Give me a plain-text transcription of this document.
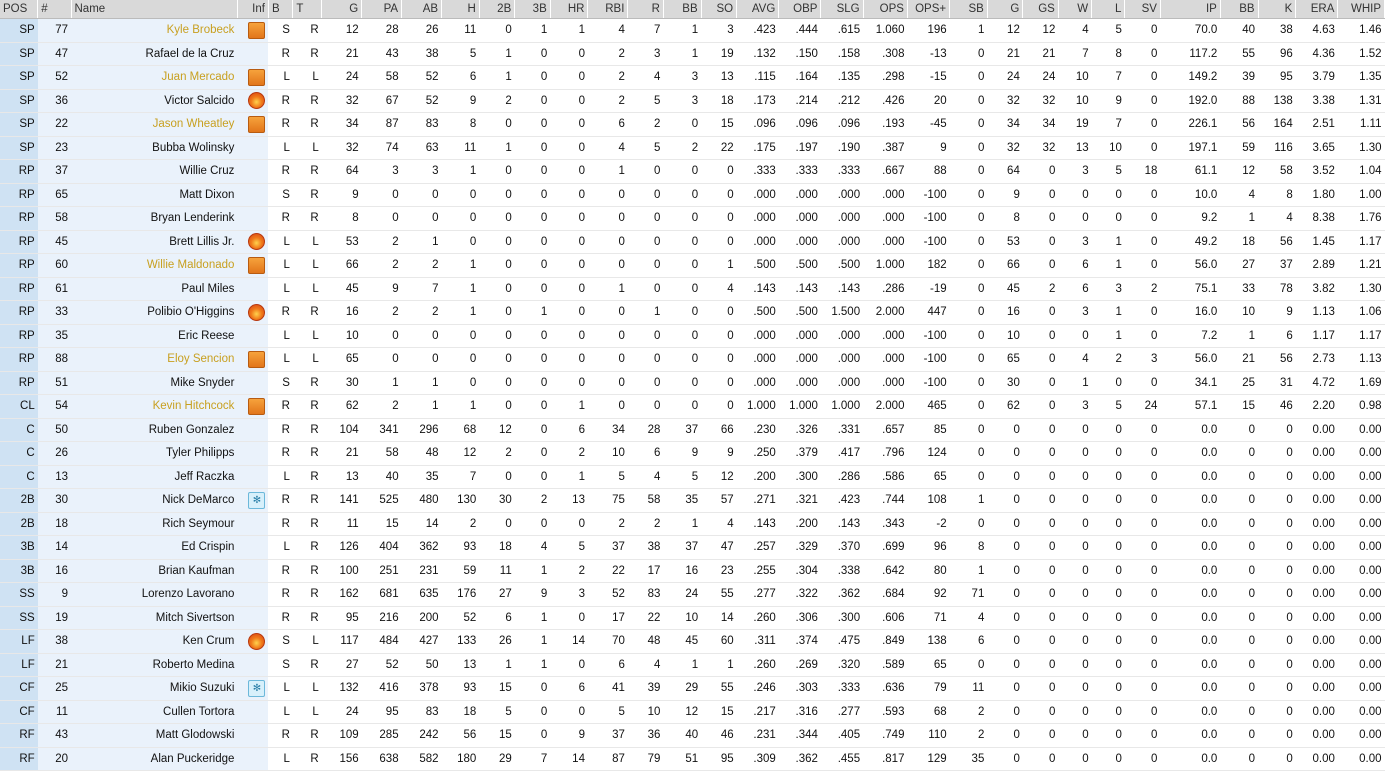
POS	#	Name	Inf	B	T	G	PA	AB	H	2B	3B	HR	RBI	R	BB	SO	AVG	OBP	SLG	OPS	OPS+	SB	G	GS	W	L	SV	IP	BB	K	ERA	WHIP
SP	77	Kyle Brobeck		S	R	12	28	26	11	0	1	1	4	7	1	3	.423	.444	.615	1.060	196	1	12	12	4	5	0	70.0	40	38	4.63	1.46
SP	47	Rafael de la Cruz		R	R	21	43	38	5	1	0	0	2	3	1	19	.132	.150	.158	.308	-13	0	21	21	7	8	0	117.2	55	96	4.36	1.52
SP	52	Juan Mercado		L	L	24	58	52	6	1	0	0	2	4	3	13	.115	.164	.135	.298	-15	0	24	24	10	7	0	149.2	39	95	3.79	1.35
SP	36	Victor Salcido		R	R	32	67	52	9	2	0	0	2	5	3	18	.173	.214	.212	.426	20	0	32	32	10	9	0	192.0	88	138	3.38	1.31
SP	22	Jason Wheatley		R	R	34	87	83	8	0	0	0	6	2	0	15	.096	.096	.096	.193	-45	0	34	34	19	7	0	226.1	56	164	2.51	1.11
SP	23	Bubba Wolinsky		L	L	32	74	63	11	1	0	0	4	5	2	22	.175	.197	.190	.387	9	0	32	32	13	10	0	197.1	59	116	3.65	1.30
RP	37	Willie Cruz		R	R	64	3	3	1	0	0	0	1	0	0	0	.333	.333	.333	.667	88	0	64	0	3	5	18	61.1	12	58	3.52	1.04
RP	65	Matt Dixon		S	R	9	0	0	0	0	0	0	0	0	0	0	.000	.000	.000	.000	-100	0	9	0	0	0	0	10.0	4	8	1.80	1.00
RP	58	Bryan Lenderink		R	R	8	0	0	0	0	0	0	0	0	0	0	.000	.000	.000	.000	-100	0	8	0	0	0	0	9.2	1	4	8.38	1.76
RP	45	Brett Lillis Jr.		L	L	53	2	1	0	0	0	0	0	0	0	0	.000	.000	.000	.000	-100	0	53	0	3	1	0	49.2	18	56	1.45	1.17
RP	60	Willie Maldonado		L	L	66	2	2	1	0	0	0	0	0	0	1	.500	.500	.500	1.000	182	0	66	0	6	1	0	56.0	27	37	2.89	1.21
RP	61	Paul Miles		L	L	45	9	7	1	0	0	0	1	0	0	4	.143	.143	.143	.286	-19	0	45	2	6	3	2	75.1	33	78	3.82	1.30
RP	33	Polibio O'Higgins		R	R	16	2	2	1	0	1	0	0	1	0	0	.500	.500	1.500	2.000	447	0	16	0	3	1	0	16.0	10	9	1.13	1.06
RP	35	Eric Reese		L	L	10	0	0	0	0	0	0	0	0	0	0	.000	.000	.000	.000	-100	0	10	0	0	1	0	7.2	1	6	1.17	1.17
RP	88	Eloy Sencion		L	L	65	0	0	0	0	0	0	0	0	0	0	.000	.000	.000	.000	-100	0	65	0	4	2	3	56.0	21	56	2.73	1.13
RP	51	Mike Snyder		S	R	30	1	1	0	0	0	0	0	0	0	0	.000	.000	.000	.000	-100	0	30	0	1	0	0	34.1	25	31	4.72	1.69
CL	54	Kevin Hitchcock		R	R	62	2	1	1	0	0	1	0	0	0	0	1.000	1.000	1.000	2.000	465	0	62	0	3	5	24	57.1	15	46	2.20	0.98
C	50	Ruben Gonzalez		R	R	104	341	296	68	12	0	6	34	28	37	66	.230	.326	.331	.657	85	0	0	0	0	0	0	0.0	0	0	0.00	0.00
C	26	Tyler Philipps		R	R	21	58	48	12	2	0	2	10	6	9	9	.250	.379	.417	.796	124	0	0	0	0	0	0	0.0	0	0	0.00	0.00
C	13	Jeff Raczka		L	R	13	40	35	7	0	0	1	5	4	5	12	.200	.300	.286	.586	65	0	0	0	0	0	0	0.0	0	0	0.00	0.00
2B	30	Nick DeMarco	✻	R	R	141	525	480	130	30	2	13	75	58	35	57	.271	.321	.423	.744	108	1	0	0	0	0	0	0.0	0	0	0.00	0.00
2B	18	Rich Seymour		R	R	11	15	14	2	0	0	0	2	2	1	4	.143	.200	.143	.343	-2	0	0	0	0	0	0	0.0	0	0	0.00	0.00
3B	14	Ed Crispin		L	R	126	404	362	93	18	4	5	37	38	37	47	.257	.329	.370	.699	96	8	0	0	0	0	0	0.0	0	0	0.00	0.00
3B	16	Brian Kaufman		R	R	100	251	231	59	11	1	2	22	17	16	23	.255	.304	.338	.642	80	1	0	0	0	0	0	0.0	0	0	0.00	0.00
SS	9	Lorenzo Lavorano		R	R	162	681	635	176	27	9	3	52	83	24	55	.277	.322	.362	.684	92	71	0	0	0	0	0	0.0	0	0	0.00	0.00
SS	19	Mitch Sivertson		R	R	95	216	200	52	6	1	0	17	22	10	14	.260	.306	.300	.606	71	4	0	0	0	0	0	0.0	0	0	0.00	0.00
LF	38	Ken Crum		S	L	117	484	427	133	26	1	14	70	48	45	60	.311	.374	.475	.849	138	6	0	0	0	0	0	0.0	0	0	0.00	0.00
LF	21	Roberto Medina		S	R	27	52	50	13	1	1	0	6	4	1	1	.260	.269	.320	.589	65	0	0	0	0	0	0	0.0	0	0	0.00	0.00
CF	25	Mikio Suzuki	✻	L	L	132	416	378	93	15	0	6	41	39	29	55	.246	.303	.333	.636	79	11	0	0	0	0	0	0.0	0	0	0.00	0.00
CF	11	Cullen Tortora		L	L	24	95	83	18	5	0	0	5	10	12	15	.217	.316	.277	.593	68	2	0	0	0	0	0	0.0	0	0	0.00	0.00
RF	43	Matt Glodowski		R	R	109	285	242	56	15	0	9	37	36	40	46	.231	.344	.405	.749	110	2	0	0	0	0	0	0.0	0	0	0.00	0.00
RF	20	Alan Puckeridge		L	R	156	638	582	180	29	7	14	87	79	51	95	.309	.362	.455	.817	129	35	0	0	0	0	0	0.0	0	0	0.00	0.00
